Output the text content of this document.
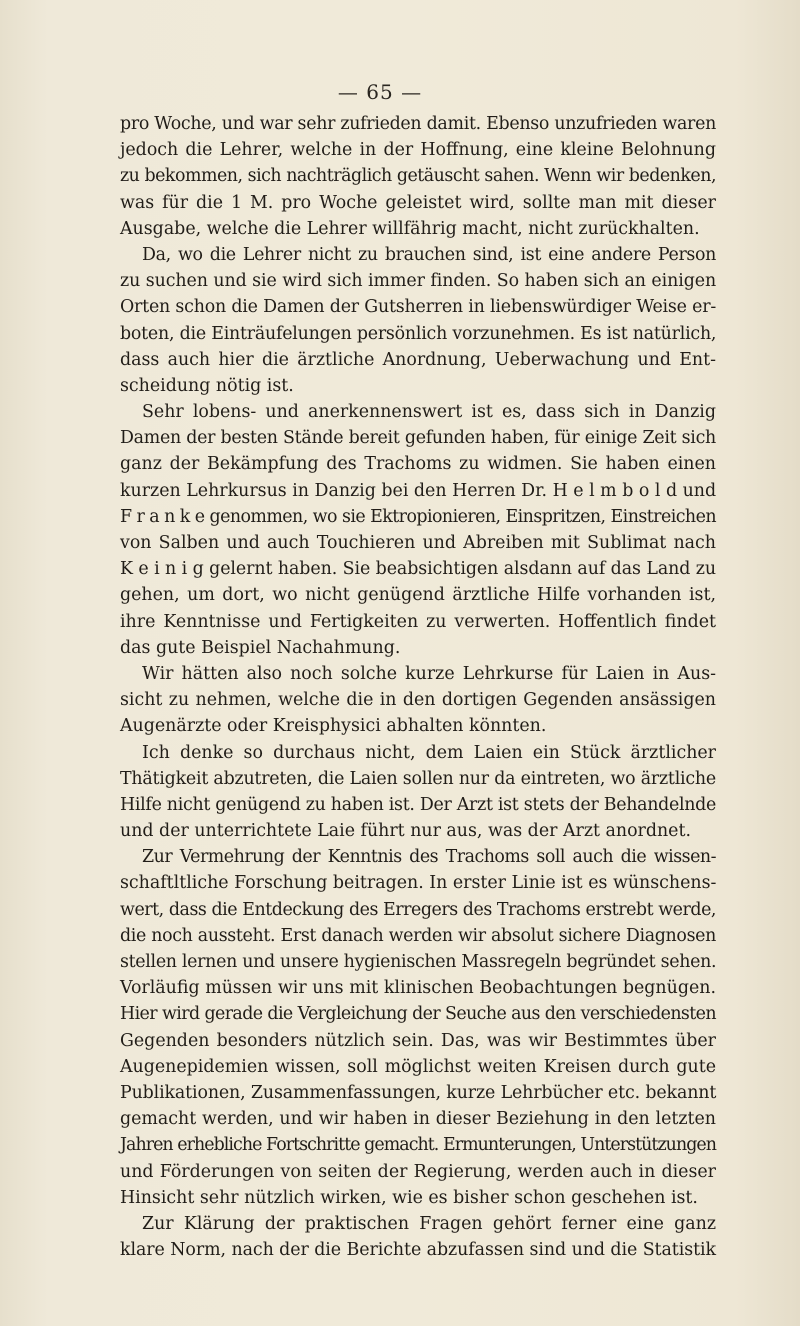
— 65 —
pro Woche, und war sehr zufrieden damit. Ebenso unzufrieden waren
jedoch die Lehrer, welche in der Hoffnung, eine kleine Belohnung
zu bekommen, sich nachträglich getäuscht sahen. Wenn wir bedenken,
was für die 1 M. pro Woche geleistet wird, sollte man mit dieser
Ausgabe, welche die Lehrer willfährig macht, nicht zurückhalten.
Da, wo die Lehrer nicht zu brauchen sind, ist eine andere Person
zu suchen und sie wird sich immer finden. So haben sich an einigen
Orten schon die Damen der Gutsherren in liebenswürdiger Weise er-
boten, die Einträufelungen persönlich vorzunehmen. Es ist natürlich,
dass auch hier die ärztliche Anordnung, Ueberwachung und Ent-
scheidung nötig ist.
Sehr lobens- und anerkennenswert ist es, dass sich in Danzig
Damen der besten Stände bereit gefunden haben, für einige Zeit sich
ganz der Bekämpfung des Trachoms zu widmen. Sie haben einen
kurzen Lehrkursus in Danzig bei den Herren Dr. H e l m b o l d und
F r a n k e genommen, wo sie Ektropionieren, Einspritzen, Einstreichen
von Salben und auch Touchieren und Abreiben mit Sublimat nach
K e i n i g gelernt haben. Sie beabsichtigen alsdann auf das Land zu
gehen, um dort, wo nicht genügend ärztliche Hilfe vorhanden ist,
ihre Kenntnisse und Fertigkeiten zu verwerten. Hoffentlich findet
das gute Beispiel Nachahmung.
Wir hätten also noch solche kurze Lehrkurse für Laien in Aus-
sicht zu nehmen, welche die in den dortigen Gegenden ansässigen
Augenärzte oder Kreisphysici abhalten könnten.
Ich denke so durchaus nicht, dem Laien ein Stück ärztlicher
Thätigkeit abzutreten, die Laien sollen nur da eintreten, wo ärztliche
Hilfe nicht genügend zu haben ist. Der Arzt ist stets der Behandelnde
und der unterrichtete Laie führt nur aus, was der Arzt anordnet.
Zur Vermehrung der Kenntnis des Trachoms soll auch die wissen-
schaftltliche Forschung beitragen. In erster Linie ist es wünschens-
wert, dass die Entdeckung des Erregers des Trachoms erstrebt werde,
die noch aussteht. Erst danach werden wir absolut sichere Diagnosen
stellen lernen und unsere hygienischen Massregeln begründet sehen.
Vorläufig müssen wir uns mit klinischen Beobachtungen begnügen.
Hier wird gerade die Vergleichung der Seuche aus den verschiedensten
Gegenden besonders nützlich sein. Das, was wir Bestimmtes über
Augenepidemien wissen, soll möglichst weiten Kreisen durch gute
Publikationen, Zusammenfassungen, kurze Lehrbücher etc. bekannt
gemacht werden, und wir haben in dieser Beziehung in den letzten
Jahren erhebliche Fortschritte gemacht. Ermunterungen, Unterstützungen
und Förderungen von seiten der Regierung, werden auch in dieser
Hinsicht sehr nützlich wirken, wie es bisher schon geschehen ist.
Zur Klärung der praktischen Fragen gehört ferner eine ganz
klare Norm, nach der die Berichte abzufassen sind und die Statistik
